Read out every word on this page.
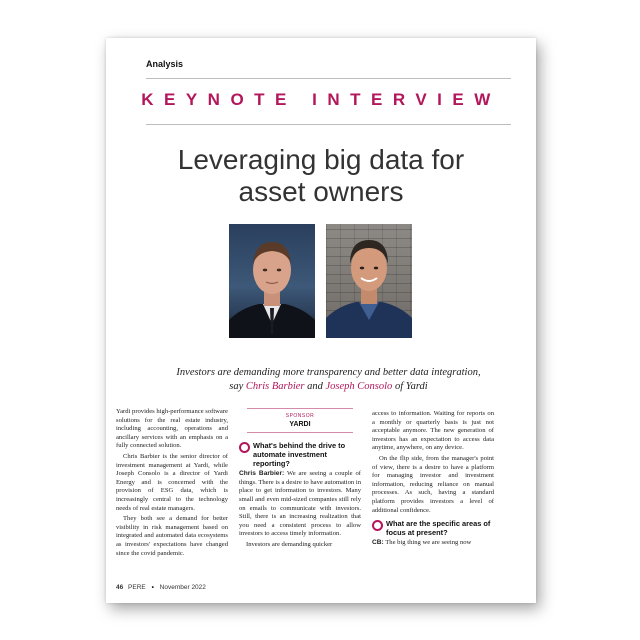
Analysis
KEYNOTE INTERVIEW
Leveraging big data for
asset owners
Investors are demanding more transparency and better data integration,
say Chris Barbier and Joseph Consolo of Yardi

Yardi provides high-performance software solutions for the real estate industry, including accounting, operations and ancillary services with an emphasis on a fully connected solution.

Chris Barbier is the senior director of investment management at Yardi, while Joseph Consolo is a director of Yardi Energy and is concerned with the provision of ESG data, which is increasingly central to the technology needs of real estate managers.

They both see a demand for better visibility in risk management based on integrated and automated data ecosystems as investors' expectations have changed since the covid pandemic.

SPONSOR
YARDI
What's behind the drive to automate investment reporting?

Chris Barbier: We are seeing a couple of things. There is a desire to have automation in place to get information to investors. Many small and even mid-sized companies still rely on emails to communicate with investors. Still, there is an increasing realization that you need a consistent process to allow investors to access timely information.

Investors are demanding quicker

access to information. Waiting for reports on a monthly or quarterly basis is just not acceptable anymore. The new generation of investors has an expectation to access data anytime, anywhere, on any device.

On the flip side, from the manager's point of view, there is a desire to have a platform for managing investor and investment information, reducing reliance on manual processes. As such, having a standard platform provides investors a level of additional confidence.

What are the specific areas of focus at present?

CB: The big thing we are seeing now

46 PERE • November 2022
